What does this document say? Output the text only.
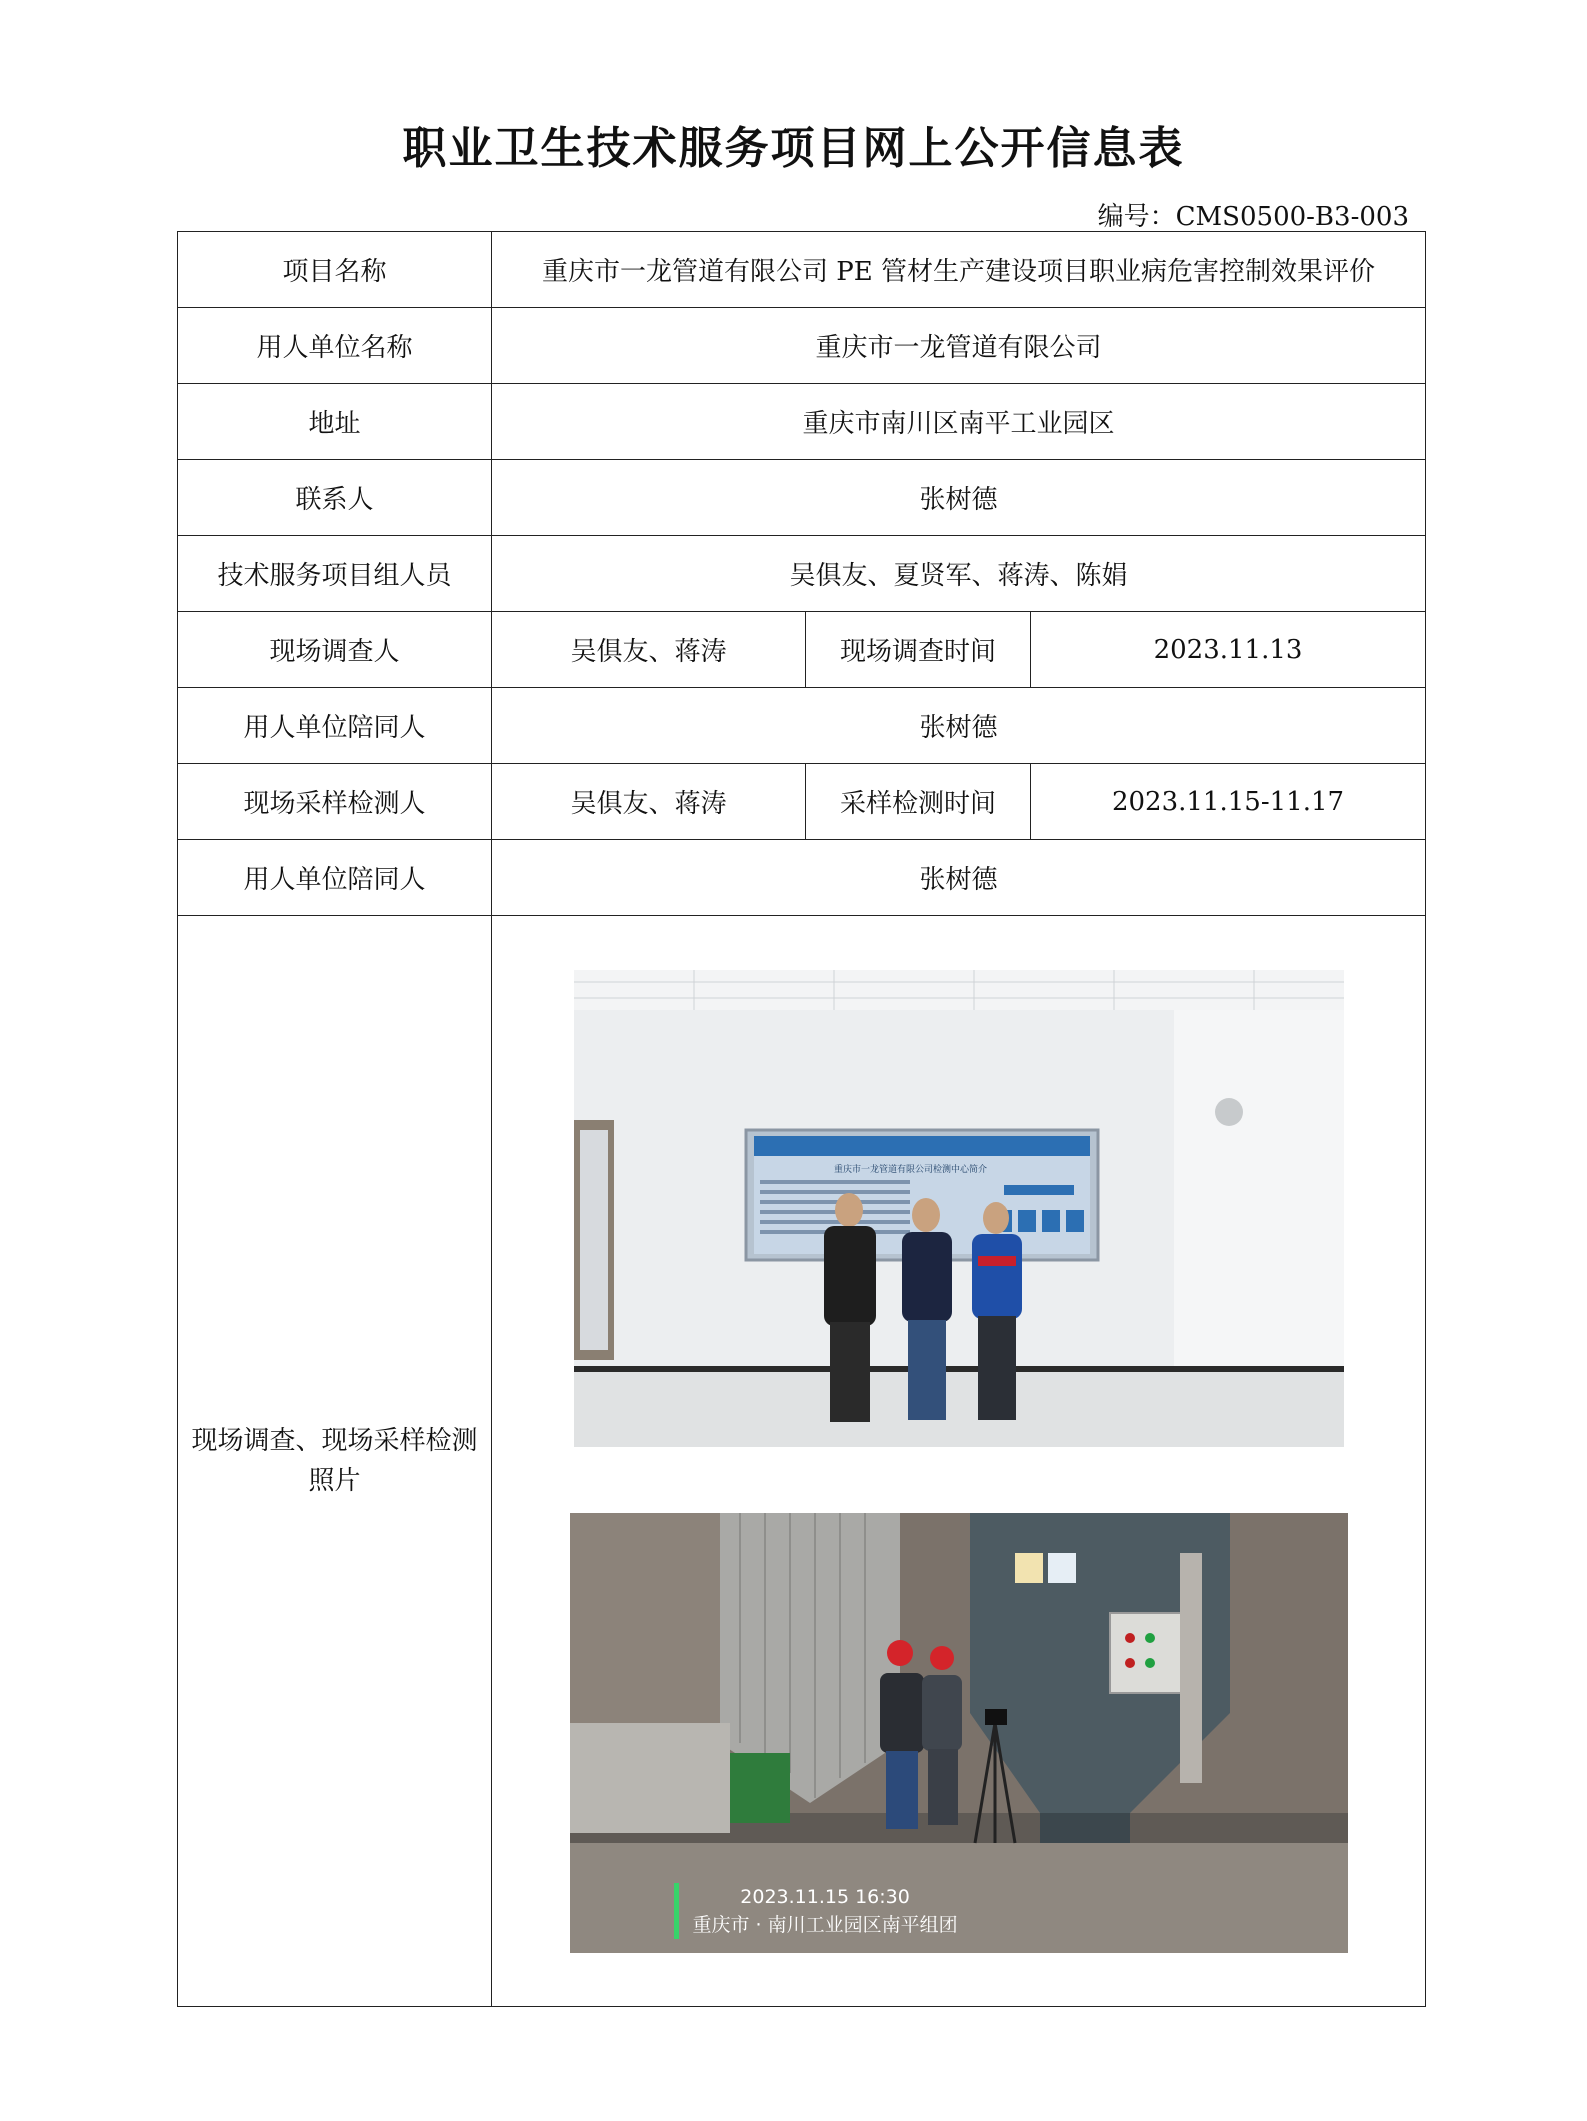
职业卫生技术服务项目网上公开信息表
编号：CMS0500-B3-003
项目名称	重庆市一龙管道有限公司 PE 管材生产建设项目职业病危害控制效果评价		
用人单位名称	重庆市一龙管道有限公司		
地址	重庆市南川区南平工业园区		
联系人	张树德		
技术服务项目组人员	吴俱友、夏贤军、蒋涛、陈娟		
现场调查人	吴俱友、蒋涛	现场调查时间	2023.11.13
用人单位陪同人	张树德		
现场采样检测人	吴俱友、蒋涛	采样检测时间	2023.11.15-11.17
用人单位陪同人	张树德		
现场调查、现场采样检测照片	重庆市一龙管道有限公司检测中心简介
2023.11.15 16:30
重庆市 · 南川工业园区南平组团		
